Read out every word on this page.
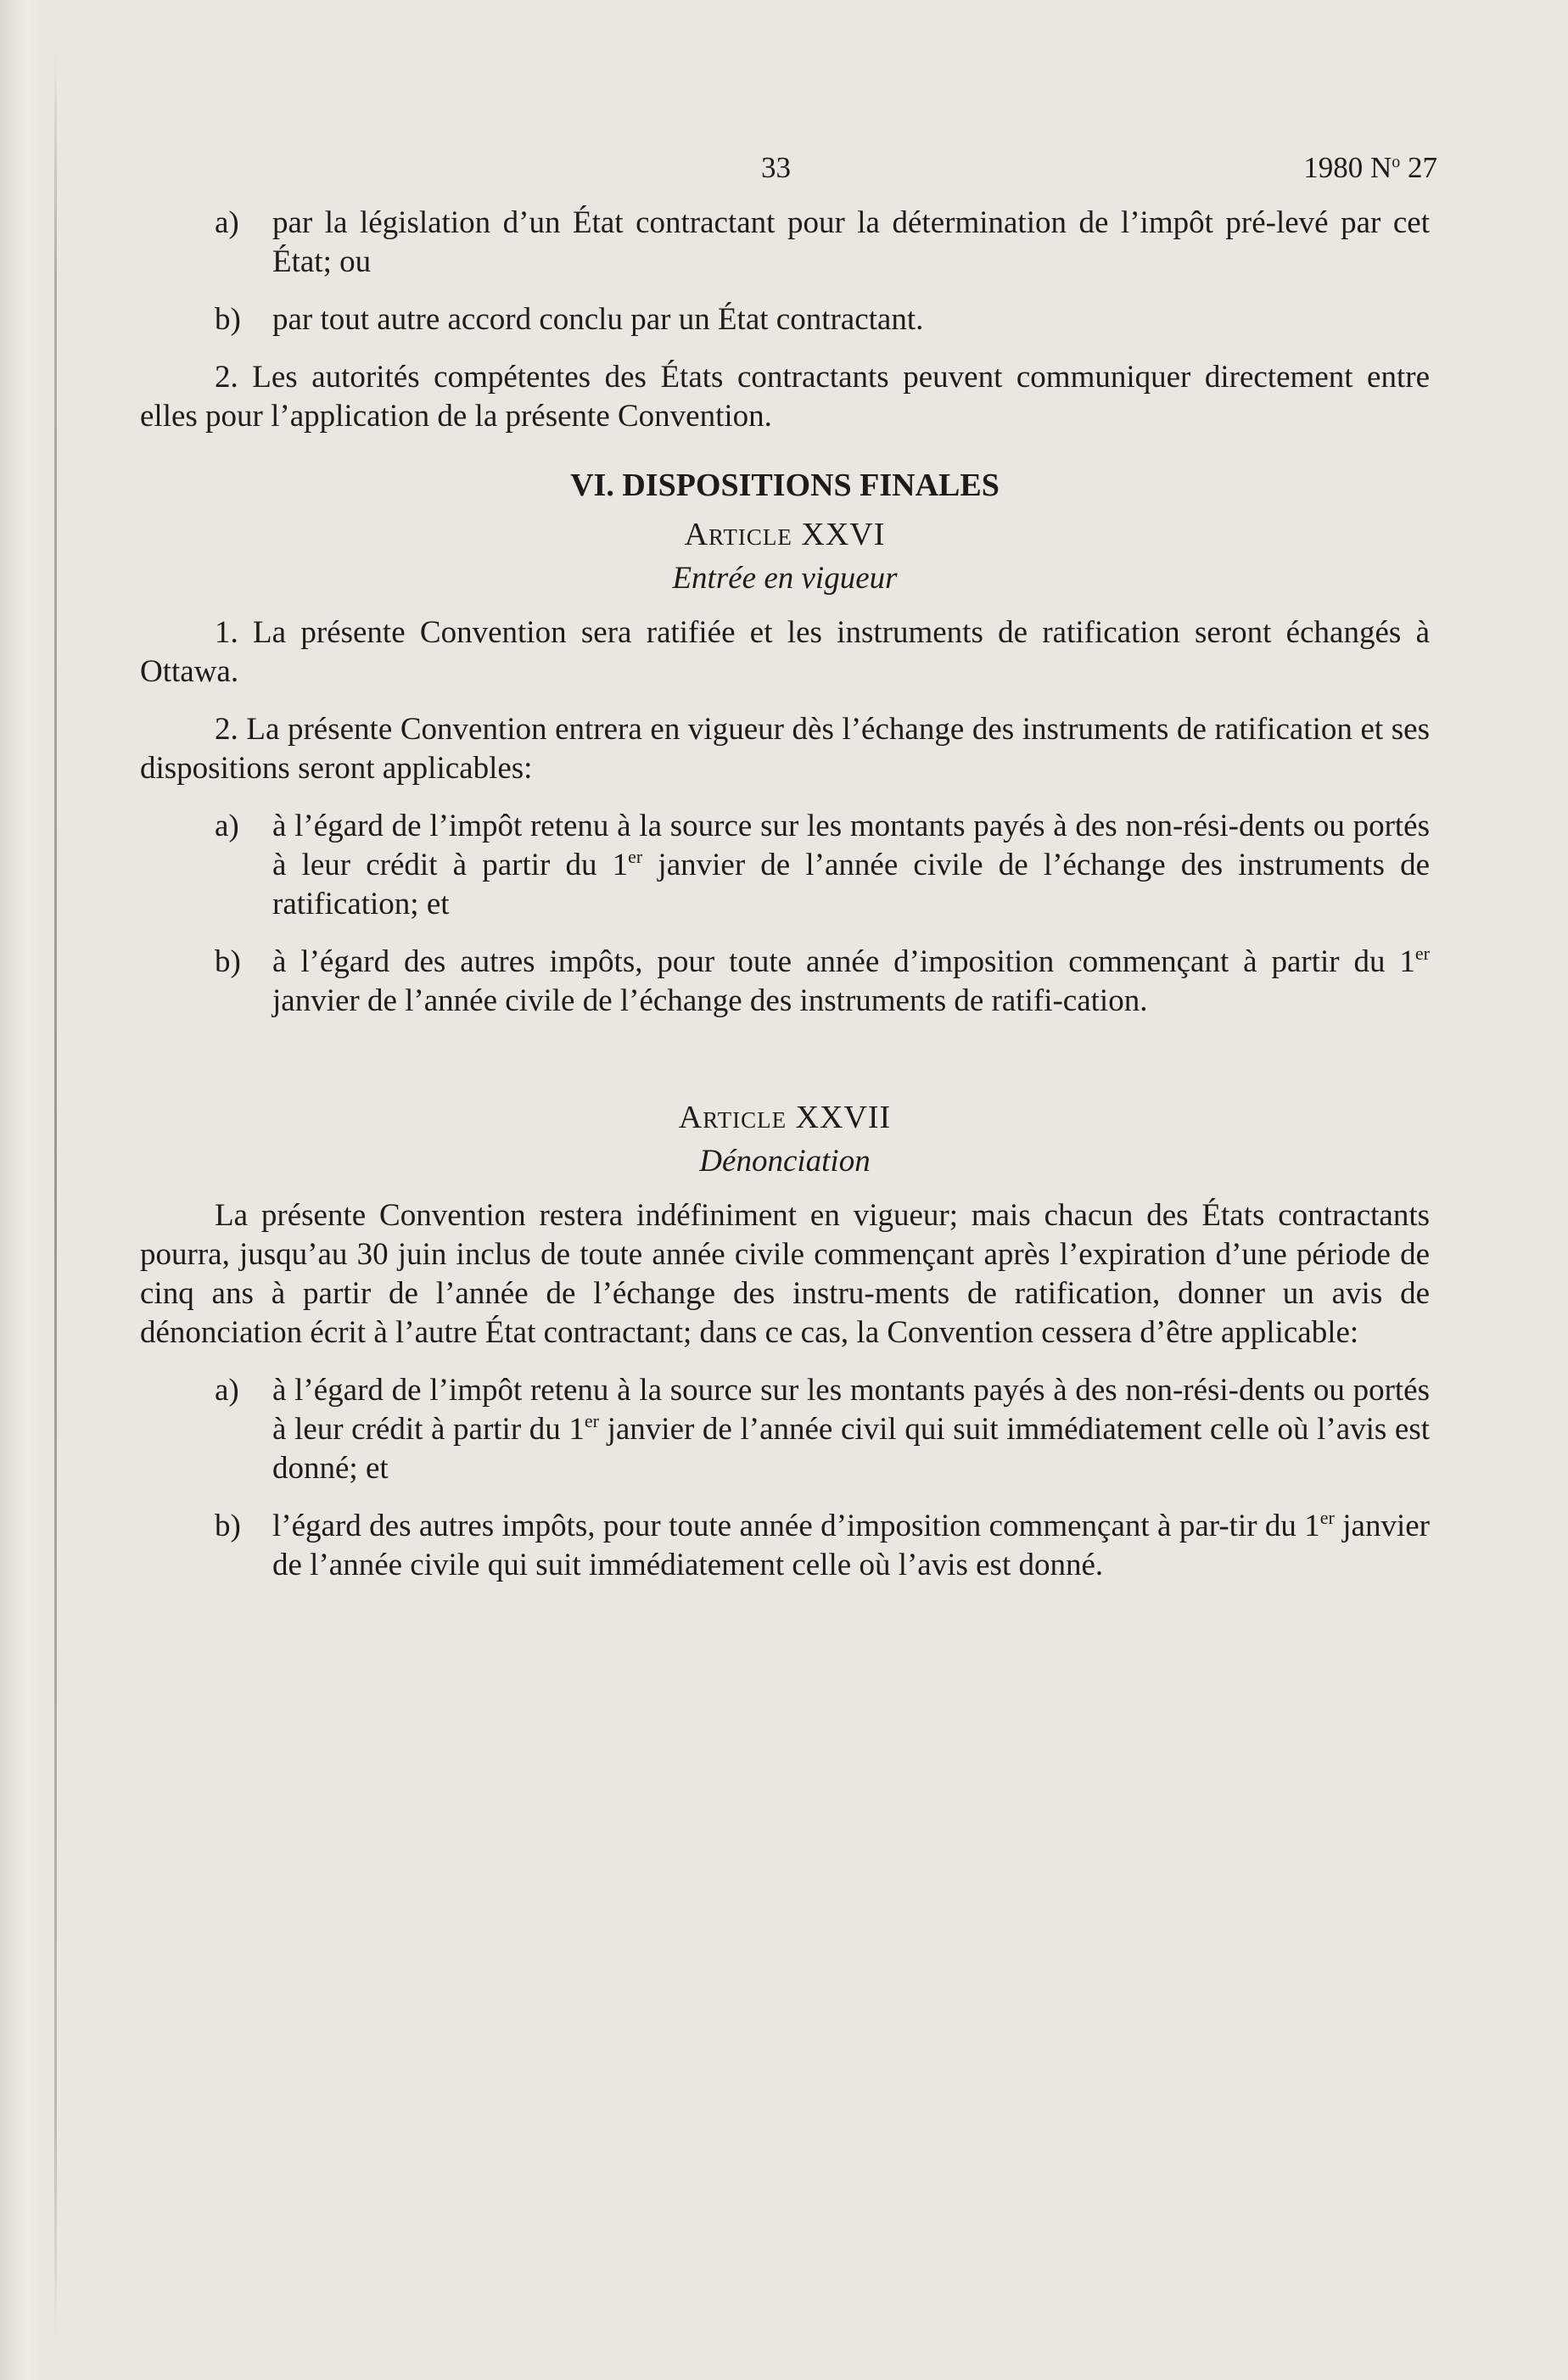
33	1980 $N^o$ 27
a)	par la législation d’un État contractant pour la détermination de l’impôt pré-levé par cet État; ou
b)	par tout autre accord conclu par un État contractant.

2. Les autorités compétentes des États contractants peuvent communiquer directement entre elles pour l’application de la présente Convention.

VI. DISPOSITIONS FINALES
Article XXVI
Entrée en vigueur

1. La présente Convention sera ratifiée et les instruments de ratification seront échangés à Ottawa.

2. La présente Convention entrera en vigueur dès l’échange des instruments de ratification et ses dispositions seront applicables:

a)	à l’égard de l’impôt retenu à la source sur les montants payés à des non-rési-dents ou portés à leur crédit à partir du 1er janvier de l’année civile de l’échange des instruments de ratification; et
b)	à l’égard des autres impôts, pour toute année d’imposition commençant à partir du 1er janvier de l’année civile de l’échange des instruments de ratifi-cation.
Article XXVII
Dénonciation

La présente Convention restera indéfiniment en vigueur; mais chacun des États contractants pourra, jusqu’au 30 juin inclus de toute année civile commençant après l’expiration d’une période de cinq ans à partir de l’année de l’échange des instru-ments de ratification, donner un avis de dénonciation écrit à l’autre État contractant; dans ce cas, la Convention cessera d’être applicable:

a)	à l’égard de l’impôt retenu à la source sur les montants payés à des non-rési-dents ou portés à leur crédit à partir du 1er janvier de l’année civil qui suit immédiatement celle où l’avis est donné; et
b)	l’égard des autres impôts, pour toute année d’imposition commençant à par-tir du 1er janvier de l’année civile qui suit immédiatement celle où l’avis est donné.
